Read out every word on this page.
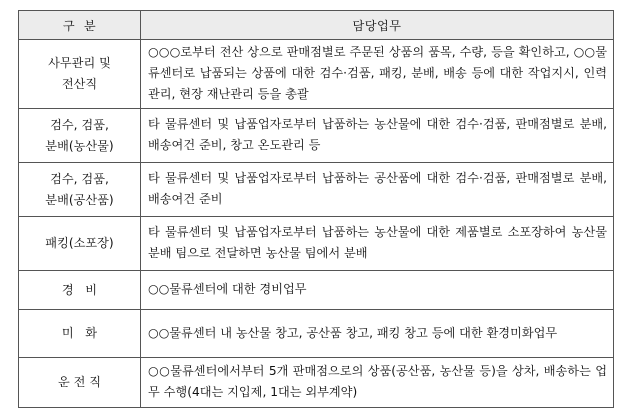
구  분	담당업무

사무관리 및
전산직	○○○로부터 전산 상으로 판매점별로 주문된 상품의 품목, 수량, 등을 확인하고, ○○물류센터로 납품되는 상품에 대한 검수·검품, 패킹, 분배, 배송 등에 대한 작업지시, 인력관리, 현장 재난관리 등을 총괄

검수, 검품,
분배(농산물)	타 물류센터 및 납품업자로부터 납품하는 농산물에 대한 검수·검품, 판매점별로 분배, 배송여건 준비, 창고 온도관리 등

검수, 검품,
분배(공산품)	타 물류센터 및 납품업자로부터 납품하는 공산품에 대한 검수·검품, 판매점별로 분배, 배송여건 준비

패킹(소포장)	타 물류센터 및 납품업자로부터 납품하는 농산물에 대한 제품별로 소포장하여 농산물 분배 팀으로 전달하면 농산물 팀에서 분배

경   비	○○물류센터에 대한 경비업무

미   화	○○물류센터 내 농산물 창고, 공산품 창고, 패킹 창고 등에 대한 환경미화업무

운 전 직	○○물류센터에서부터 5개 판매점으로의 상품(공산품, 농산물 등)을 상차, 배송하는 업무 수행(4대는 지입제, 1대는 외부계약)
